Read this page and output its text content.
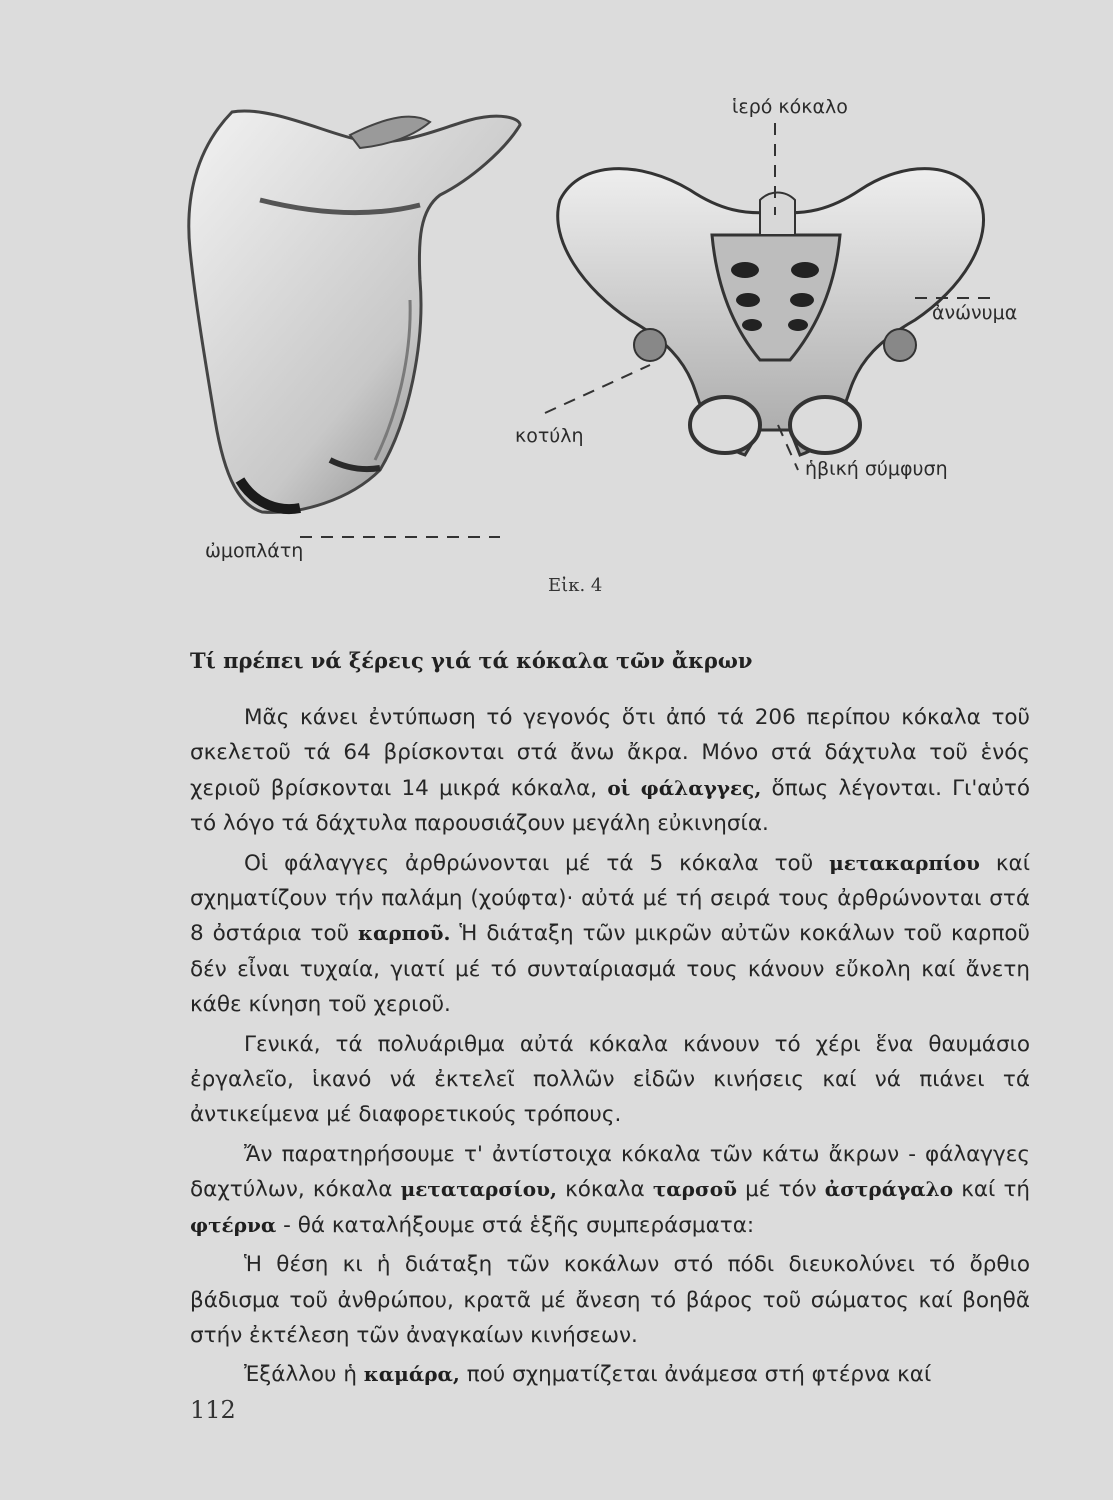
ἱερό κόκαλο
ἀνώνυμα
κοτύλη
ἡβική σύμφυση
ὠμοπλάτη
Εἰκ. 4
Τί πρέπει νά ξέρεις γιά τά κόκαλα τῶν ἄκρων

Μᾶς κάνει ἐντύπωση τό γεγονός ὅτι ἀπό τά 206 περίπου κόκαλα τοῦ σκελετοῦ τά 64 βρίσκονται στά ἄνω ἄκρα. Μόνο στά δάχτυλα τοῦ ἑνός χεριοῦ βρίσκονται 14 μικρά κόκαλα, οἱ φάλαγγες, ὅπως λέγονται. Γι'αὐτό τό λόγο τά δάχτυλα παρουσιάζουν μεγάλη εὐκινησία.

Οἱ φάλαγγες ἀρθρώνονται μέ τά 5 κόκαλα τοῦ μετακαρπίου καί σχηματίζουν τήν παλάμη (χούφτα)· αὐτά μέ τή σειρά τους ἀρθρώνονται στά 8 ὀστάρια τοῦ καρποῦ. Ἡ διάταξη τῶν μικρῶν αὐτῶν κοκάλων τοῦ καρποῦ δέν εἶναι τυχαία, γιατί μέ τό συνταίριασμά τους κάνουν εὔκολη καί ἄνετη κάθε κίνηση τοῦ χεριοῦ.

Γενικά, τά πολυάριθμα αὐτά κόκαλα κάνουν τό χέρι ἕνα θαυμάσιο ἐργαλεῖο, ἱκανό νά ἐκτελεῖ πολλῶν εἰδῶν κινήσεις καί νά πιάνει τά ἀντικείμενα μέ διαφορετικούς τρόπους.

Ἄν παρατηρήσουμε τ' ἀντίστοιχα κόκαλα τῶν κάτω ἄκρων - φάλαγγες δαχτύλων, κόκαλα μεταταρσίου, κόκαλα ταρσοῦ μέ τόν ἀστράγαλο καί τή φτέρνα - θά καταλήξουμε στά ἑξῆς συμπεράσματα:

Ἡ θέση κι ἡ διάταξη τῶν κοκάλων στό πόδι διευκολύνει τό ὄρθιο βάδισμα τοῦ ἀνθρώπου, κρατᾶ μέ ἄνεση τό βάρος τοῦ σώματος καί βοηθᾶ στήν ἐκτέλεση τῶν ἀναγκαίων κινήσεων.

Ἐξάλλου ἡ καμάρα, πού σχηματίζεται ἀνάμεσα στή φτέρνα καί

112
